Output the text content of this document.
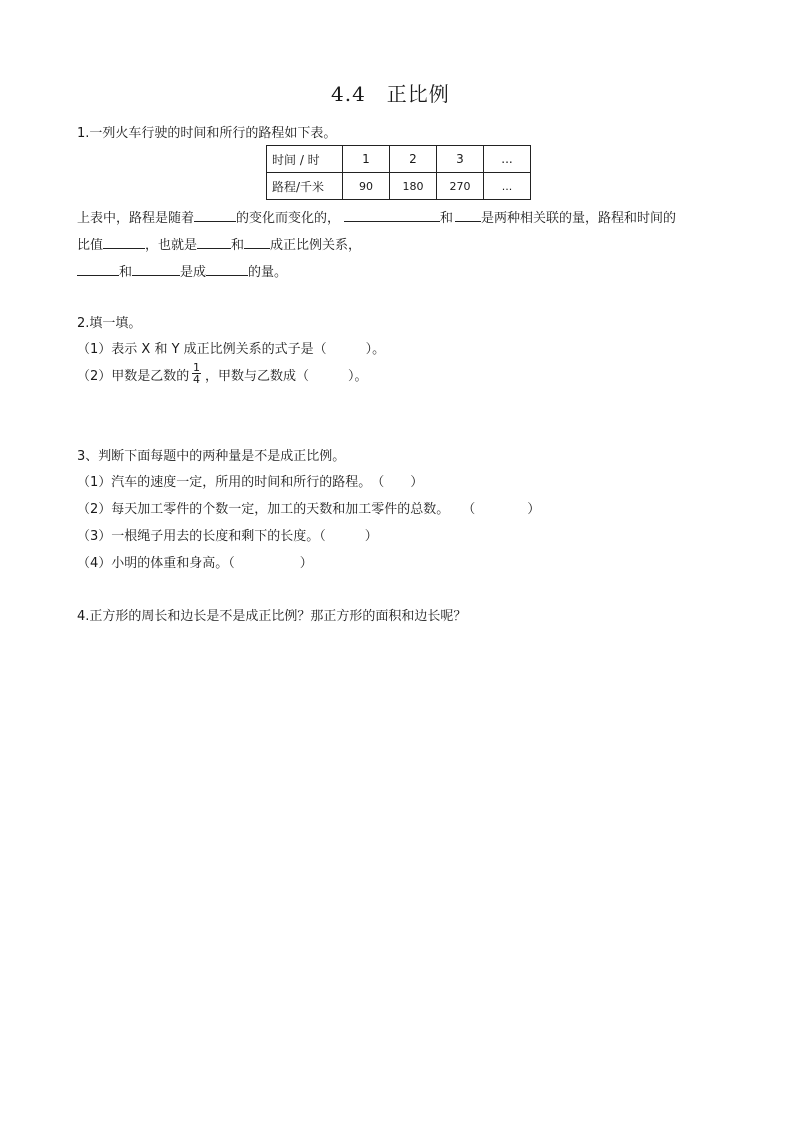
4.4　正比例
1.一列火车行驶的时间和所行的路程如下表。
时间 / 时	1	2	3	...
路程/千米	90	180	270	...
上表中，路程是随着	的变化而变化的，	和 是两种相关联的量，路程和时间的
比值	，也就是	和 成正比例关系，
和	是成	的量。
2.填一填。
（1）表示 X 和 Y 成正比例关系的式子是（　　　）。
（2）甲数是乙数的 $\frac{1}{4}$ ，甲数与乙数成（　　　）。
3、判断下面每题中的两种量是不是成正比例。
（1）汽车的速度一定，所用的时间和所行的路程。　（　　）
（2）每天加工零件的个数一定，加工的天数和加工零件的总数。　　（　　　　）
（3）一根绳子用去的长度和剩下的长度。（　　　）
（4）小明的体重和身高。（　　　　　）
4.正方形的周长和边长是不是成正比例？那正方形的面积和边长呢？
